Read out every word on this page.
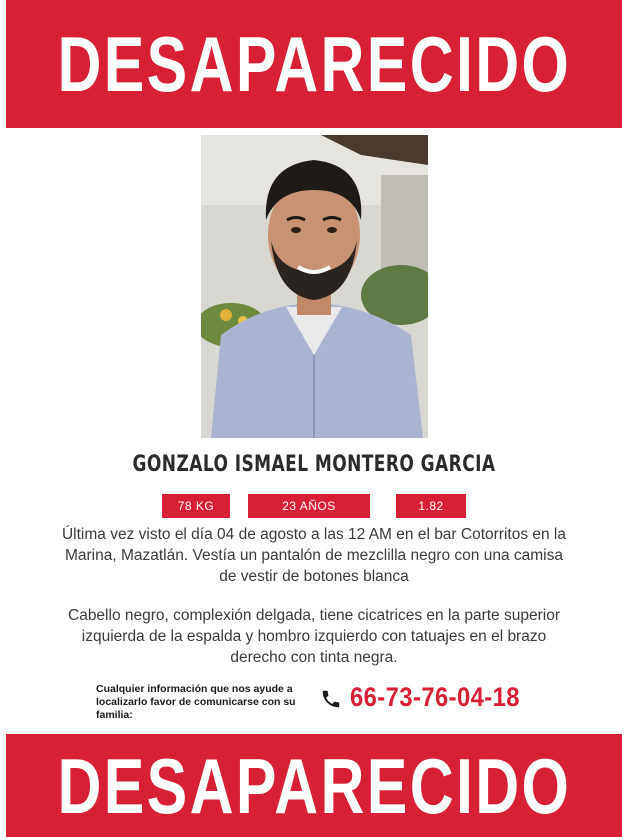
DESAPARECIDO
GONZALO ISMAEL MONTERO GARCIA
78 KG	23 AÑOS	1.82
Última vez visto el día 04 de agosto a las 12 AM en el bar Cotorritos en la Marina, Mazatlán. Vestía un pantalón de mezclilla negro con una camisa de vestir de botones blanca
Cabello negro, complexión delgada, tiene cicatrices en la parte superior izquierda de la espalda y hombro izquierdo con tatuajes en el brazo derecho con tinta negra.
Cualquier información que nos ayude a localizarlo favor de comunicarse con su familia:
66-73-76-04-18
DESAPARECIDO
